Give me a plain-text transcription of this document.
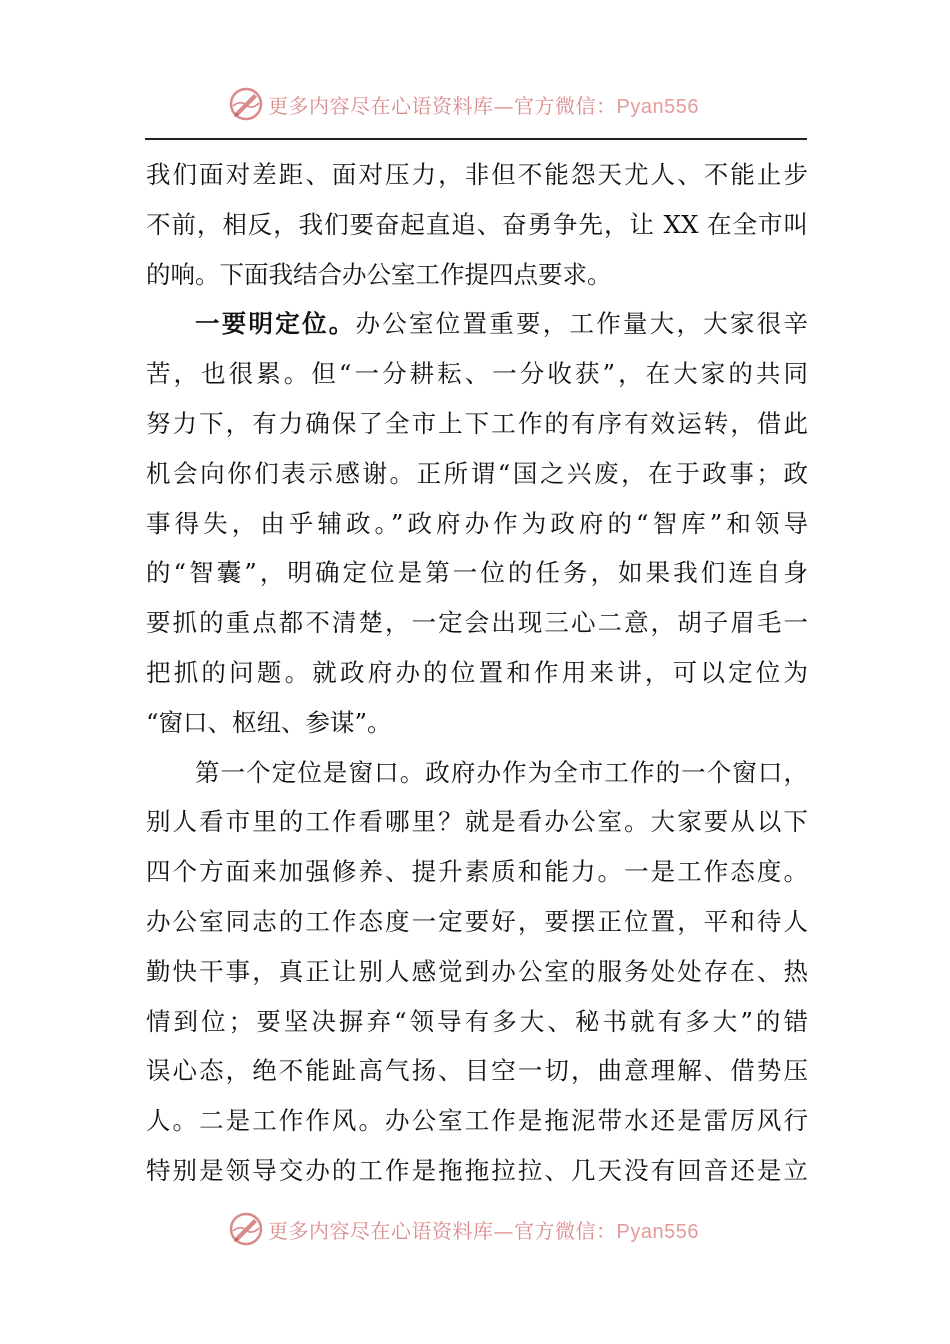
更多内容尽在心语资料库—官方微信：Pyan556
我们面对差距、面对压力，非但不能怨天尤人、不能止步
不前，相反，我们要奋起直追、奋勇争先，让 XX 在全市叫
的响。下面我结合办公室工作提四点要求。
一要明定位。办公室位置重要，工作量大，大家很辛
苦，也很累。但“一分耕耘、一分收获”，在大家的共同
努力下，有力确保了全市上下工作的有序有效运转，借此
机会向你们表示感谢。正所谓“国之兴废，在于政事；政
事得失，由乎辅政。”政府办作为政府的“智库”和领导
的“智囊”，明确定位是第一位的任务，如果我们连自身
要抓的重点都不清楚，一定会出现三心二意，胡子眉毛一
把抓的问题。就政府办的位置和作用来讲，可以定位为
“窗口、枢纽、参谋”。
第一个定位是窗口。政府办作为全市工作的一个窗口，
别人看市里的工作看哪里？就是看办公室。大家要从以下
四个方面来加强修养、提升素质和能力。一是工作态度。
办公室同志的工作态度一定要好，要摆正位置，平和待人
勤快干事，真正让别人感觉到办公室的服务处处存在、热
情到位；要坚决摒弃“领导有多大、秘书就有多大”的错
误心态，绝不能趾高气扬、目空一切，曲意理解、借势压
人。二是工作作风。办公室工作是拖泥带水还是雷厉风行
特别是领导交办的工作是拖拖拉拉、几天没有回音还是立
更多内容尽在心语资料库—官方微信：Pyan556
